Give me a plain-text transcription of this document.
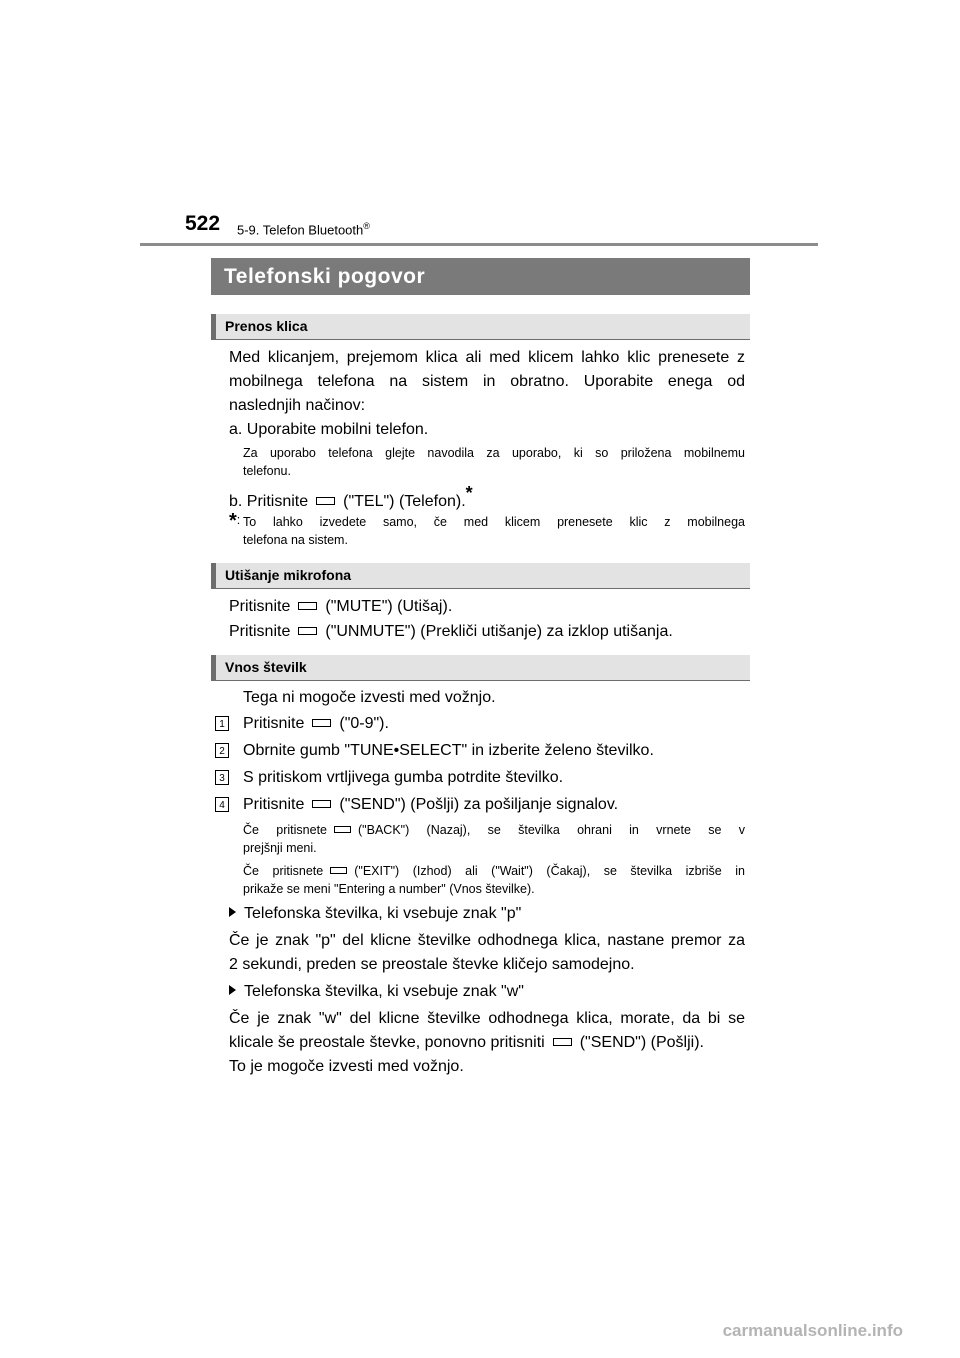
522 5-9. Telefon Bluetooth®
Telefonski pogovor
Prenos klica
Med klicanjem, prejemom klica ali med klicem lahko klic prenesete z
mobilnega telefona na sistem in obratno. Uporabite enega od
naslednjih načinov:
a. Uporabite mobilni telefon.
Za uporabo telefona glejte navodila za uporabo, ki so priložena mobilnemu
telefonu.
b. Pritisnite ("TEL") (Telefon).*
*: To lahko izvedete samo, če med klicem prenesete klic z mobilnega
telefona na sistem.
Utišanje mikrofona
Pritisnite ("MUTE") (Utišaj).
Pritisnite ("UNMUTE") (Prekliči utišanje) za izklop utišanja.
Vnos številk
Tega ni mogoče izvesti med vožnjo.
1 Pritisnite ("0-9").
2 Obrnite gumb "TUNE•SELECT" in izberite želeno številko.
3 S pritiskom vrtljivega gumba potrdite številko.
4 Pritisnite ("SEND") (Pošlji) za pošiljanje signalov.
Če pritisnete ("BACK") (Nazaj), se številka ohrani in vrnete se v
prejšnji meni.
Če pritisnete ("EXIT") (Izhod) ali ("Wait") (Čakaj), se številka izbriše in
prikaže se meni "Entering a number" (Vnos številke).
Telefonska številka, ki vsebuje znak "p"
Če je znak "p" del klicne številke odhodnega klica, nastane premor za
2 sekundi, preden se preostale števke kličejo samodejno.
Telefonska številka, ki vsebuje znak "w"
Če je znak "w" del klicne številke odhodnega klica, morate, da bi se
klicale še preostale števke, ponovno pritisniti ("SEND") (Pošlji).
To je mogoče izvesti med vožnjo.
carmanualsonline.info
